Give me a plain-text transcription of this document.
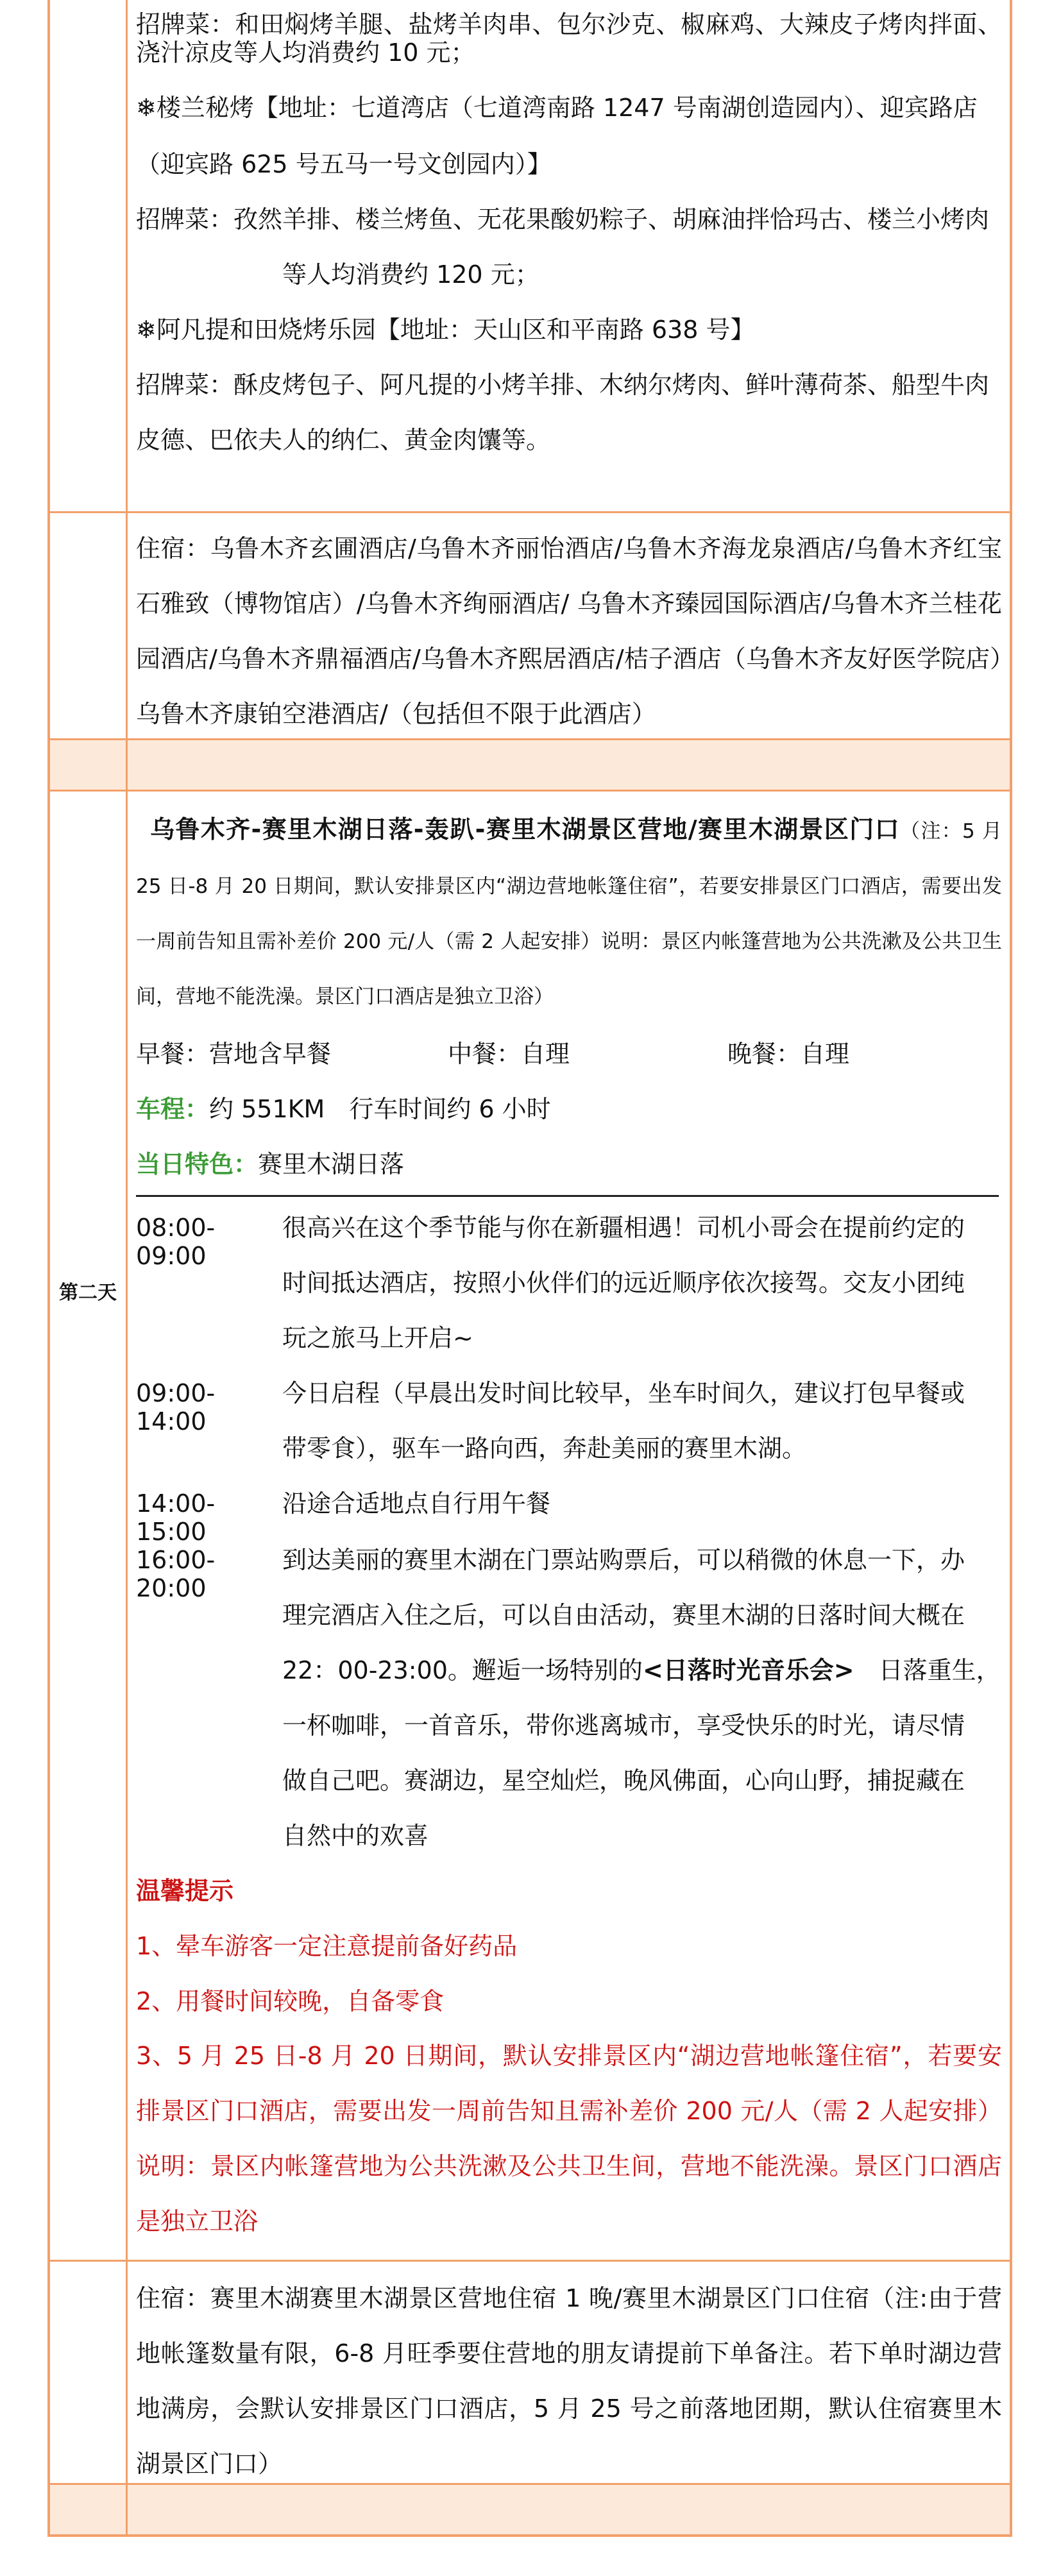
第二天

招牌菜：和田焖烤羊腿、盐烤羊肉串、包尔沙克、椒麻鸡、大辣皮子烤肉拌面、浇汁凉皮等人均消费约 10 元；

❄楼兰秘烤【地址：七道湾店（七道湾南路 1247 号南湖创造园内）、迎宾路店

（迎宾路 625 号五马一号文创园内）】

招牌菜：孜然羊排、楼兰烤鱼、无花果酸奶粽子、胡麻油拌恰玛古、楼兰小烤肉

等人均消费约 120 元；

❄阿凡提和田烧烤乐园【地址：天山区和平南路 638 号】

招牌菜：酥皮烤包子、阿凡提的小烤羊排、木纳尔烤肉、鲜叶薄荷茶、船型牛肉

皮德、巴依夫人的纳仁、黄金肉馕等。

住宿：乌鲁木齐玄圃酒店/乌鲁木齐丽怡酒店/乌鲁木齐海龙泉酒店/乌鲁木齐红宝石雅致（博物馆店）/乌鲁木齐绚丽酒店/ 乌鲁木齐臻园国际酒店/乌鲁木齐兰桂花园酒店/乌鲁木齐鼎福酒店/乌鲁木齐熙居酒店/桔子酒店（乌鲁木齐友好医学院店）乌鲁木齐康铂空港酒店/（包括但不限于此酒店）

乌鲁木齐-赛里木湖日落-轰趴-赛里木湖景区营地/赛里木湖景区门口（注：5 月 25 日-8 月 20 日期间，默认安排景区内“湖边营地帐篷住宿”，若要安排景区门口酒店，需要出发一周前告知且需补差价 200 元/人（需 2 人起安排）说明：景区内帐篷营地为公共洗漱及公共卫生间，营地不能洗澡。景区门口酒店是独立卫浴）
早餐：营地含早餐	中餐：自理	晚餐：自理

车程：约 551KM　行车时间约 6 小时

当日特色：赛里木湖日落

08:00-09:00
很高兴在这个季节能与你在新疆相遇！司机小哥会在提前约定的
时间抵达酒店，按照小伙伴们的远近顺序依次接驾。交友小团纯
玩之旅马上开启~
09:00-14:00
今日启程（早晨出发时间比较早，坐车时间久，建议打包早餐或
带零食），驱车一路向西，奔赴美丽的赛里木湖。
14:00-15:00
沿途合适地点自行用午餐
16:00-20:00
到达美丽的赛里木湖在门票站购票后，可以稍微的休息一下，办
理完酒店入住之后，可以自由活动，赛里木湖的日落时间大概在
22：00-23:00。邂逅一场特别的<日落时光音乐会>　日落重生，
一杯咖啡，一首音乐，带你逃离城市，享受快乐的时光，请尽情
做自己吧。赛湖边，星空灿烂，晚风佛面，心向山野，捕捉藏在
自然中的欢喜

温馨提示

1、晕车游客一定注意提前备好药品

2、用餐时间较晚，自备零食

3、5 月 25 日-8 月 20 日期间，默认安排景区内“湖边营地帐篷住宿”，若要安排景区门口酒店，需要出发一周前告知且需补差价 200 元/人（需 2 人起安排）说明：景区内帐篷营地为公共洗漱及公共卫生间，营地不能洗澡。景区门口酒店是独立卫浴

住宿：赛里木湖赛里木湖景区营地住宿 1 晚/赛里木湖景区门口住宿（注:由于营地帐篷数量有限，6-8 月旺季要住营地的朋友请提前下单备注。若下单时湖边营地满房，会默认安排景区门口酒店，5 月 25 号之前落地团期，默认住宿赛里木湖景区门口）
